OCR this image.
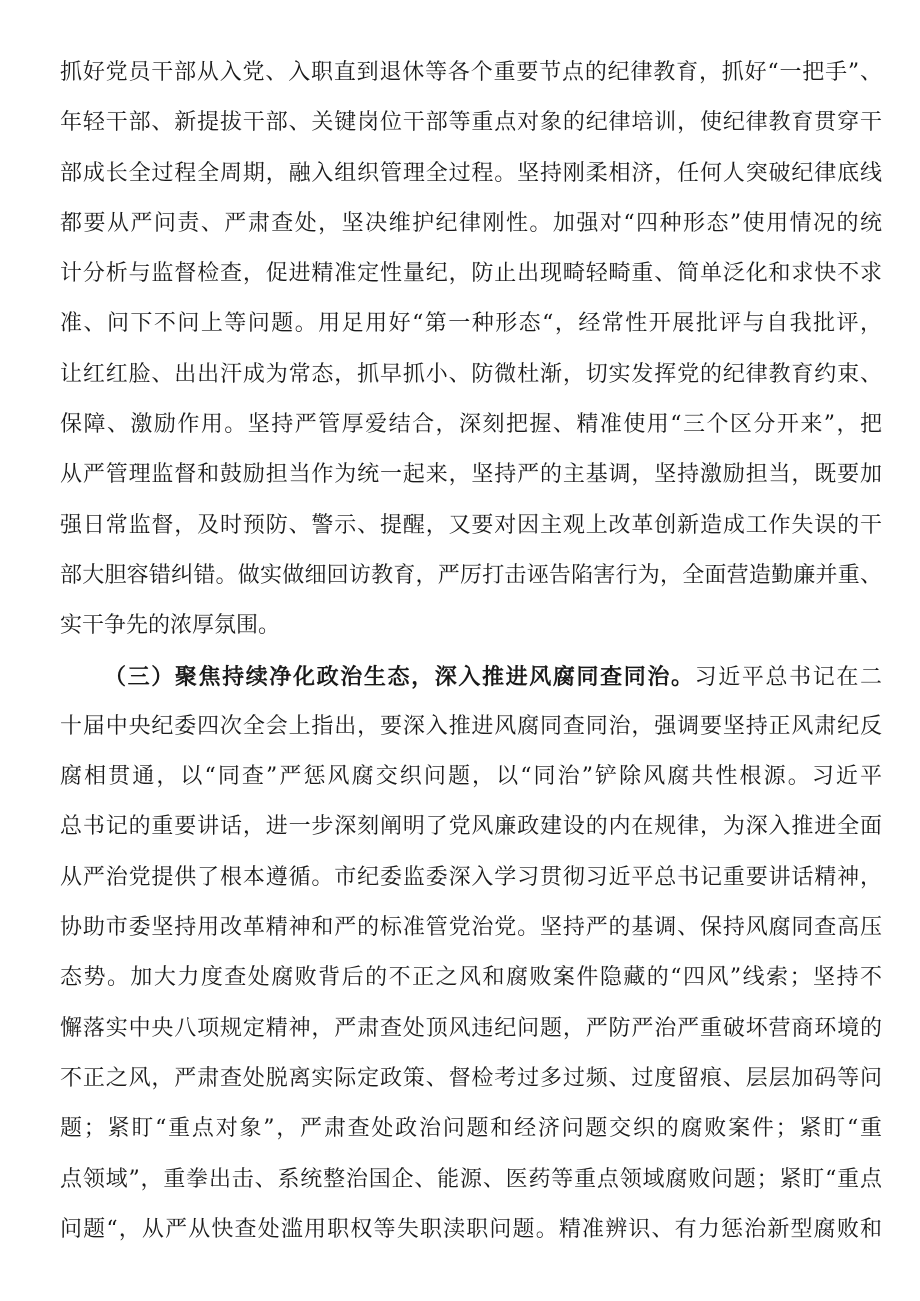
抓好党员干部从入党、入职直到退休等各个重要节点的纪律教育，抓好“一把手”、
年轻干部、新提拔干部、关键岗位干部等重点对象的纪律培训，使纪律教育贯穿干
部成长全过程全周期，融入组织管理全过程。坚持刚柔相济，任何人突破纪律底线
都要从严问责、严肃查处，坚决维护纪律刚性。加强对“四种形态”使用情况的统
计分析与监督检查，促进精准定性量纪，防止出现畸轻畸重、简单泛化和求快不求
准、问下不问上等问题。用足用好“第一种形态“，经常性开展批评与自我批评，
让红红脸、出出汗成为常态，抓早抓小、防微杜渐，切实发挥党的纪律教育约束、
保障、激励作用。坚持严管厚爱结合，深刻把握、精准使用“三个区分开来”，把
从严管理监督和鼓励担当作为统一起来，坚持严的主基调，坚持激励担当，既要加
强日常监督，及时预防、警示、提醒，又要对因主观上改革创新造成工作失误的干
部大胆容错纠错。做实做细回访教育，严厉打击诬告陷害行为，全面营造勤廉并重、
实干争先的浓厚氛围。
（三）聚焦持续净化政治生态，深入推进风腐同查同治。习近平总书记在二
十届中央纪委四次全会上指出，要深入推进风腐同查同治，强调要坚持正风肃纪反
腐相贯通，以“同查”严惩风腐交织问题，以“同治”铲除风腐共性根源。习近平
总书记的重要讲话，进一步深刻阐明了党风廉政建设的内在规律，为深入推进全面
从严治党提供了根本遵循。市纪委监委深入学习贯彻习近平总书记重要讲话精神，
协助市委坚持用改革精神和严的标准管党治党。坚持严的基调、保持风腐同查高压
态势。加大力度查处腐败背后的不正之风和腐败案件隐藏的“四风”线索；坚持不
懈落实中央八项规定精神，严肃查处顶风违纪问题，严防严治严重破坏营商环境的
不正之风，严肃查处脱离实际定政策、督检考过多过频、过度留痕、层层加码等问
题；紧盯“重点对象”，严肃查处政治问题和经济问题交织的腐败案件；紧盯“重
点领域”，重拳出击、系统整治国企、能源、医药等重点领域腐败问题；紧盯“重点
问题“，从严从快查处滥用职权等失职渎职问题。精准辨识、有力惩治新型腐败和
